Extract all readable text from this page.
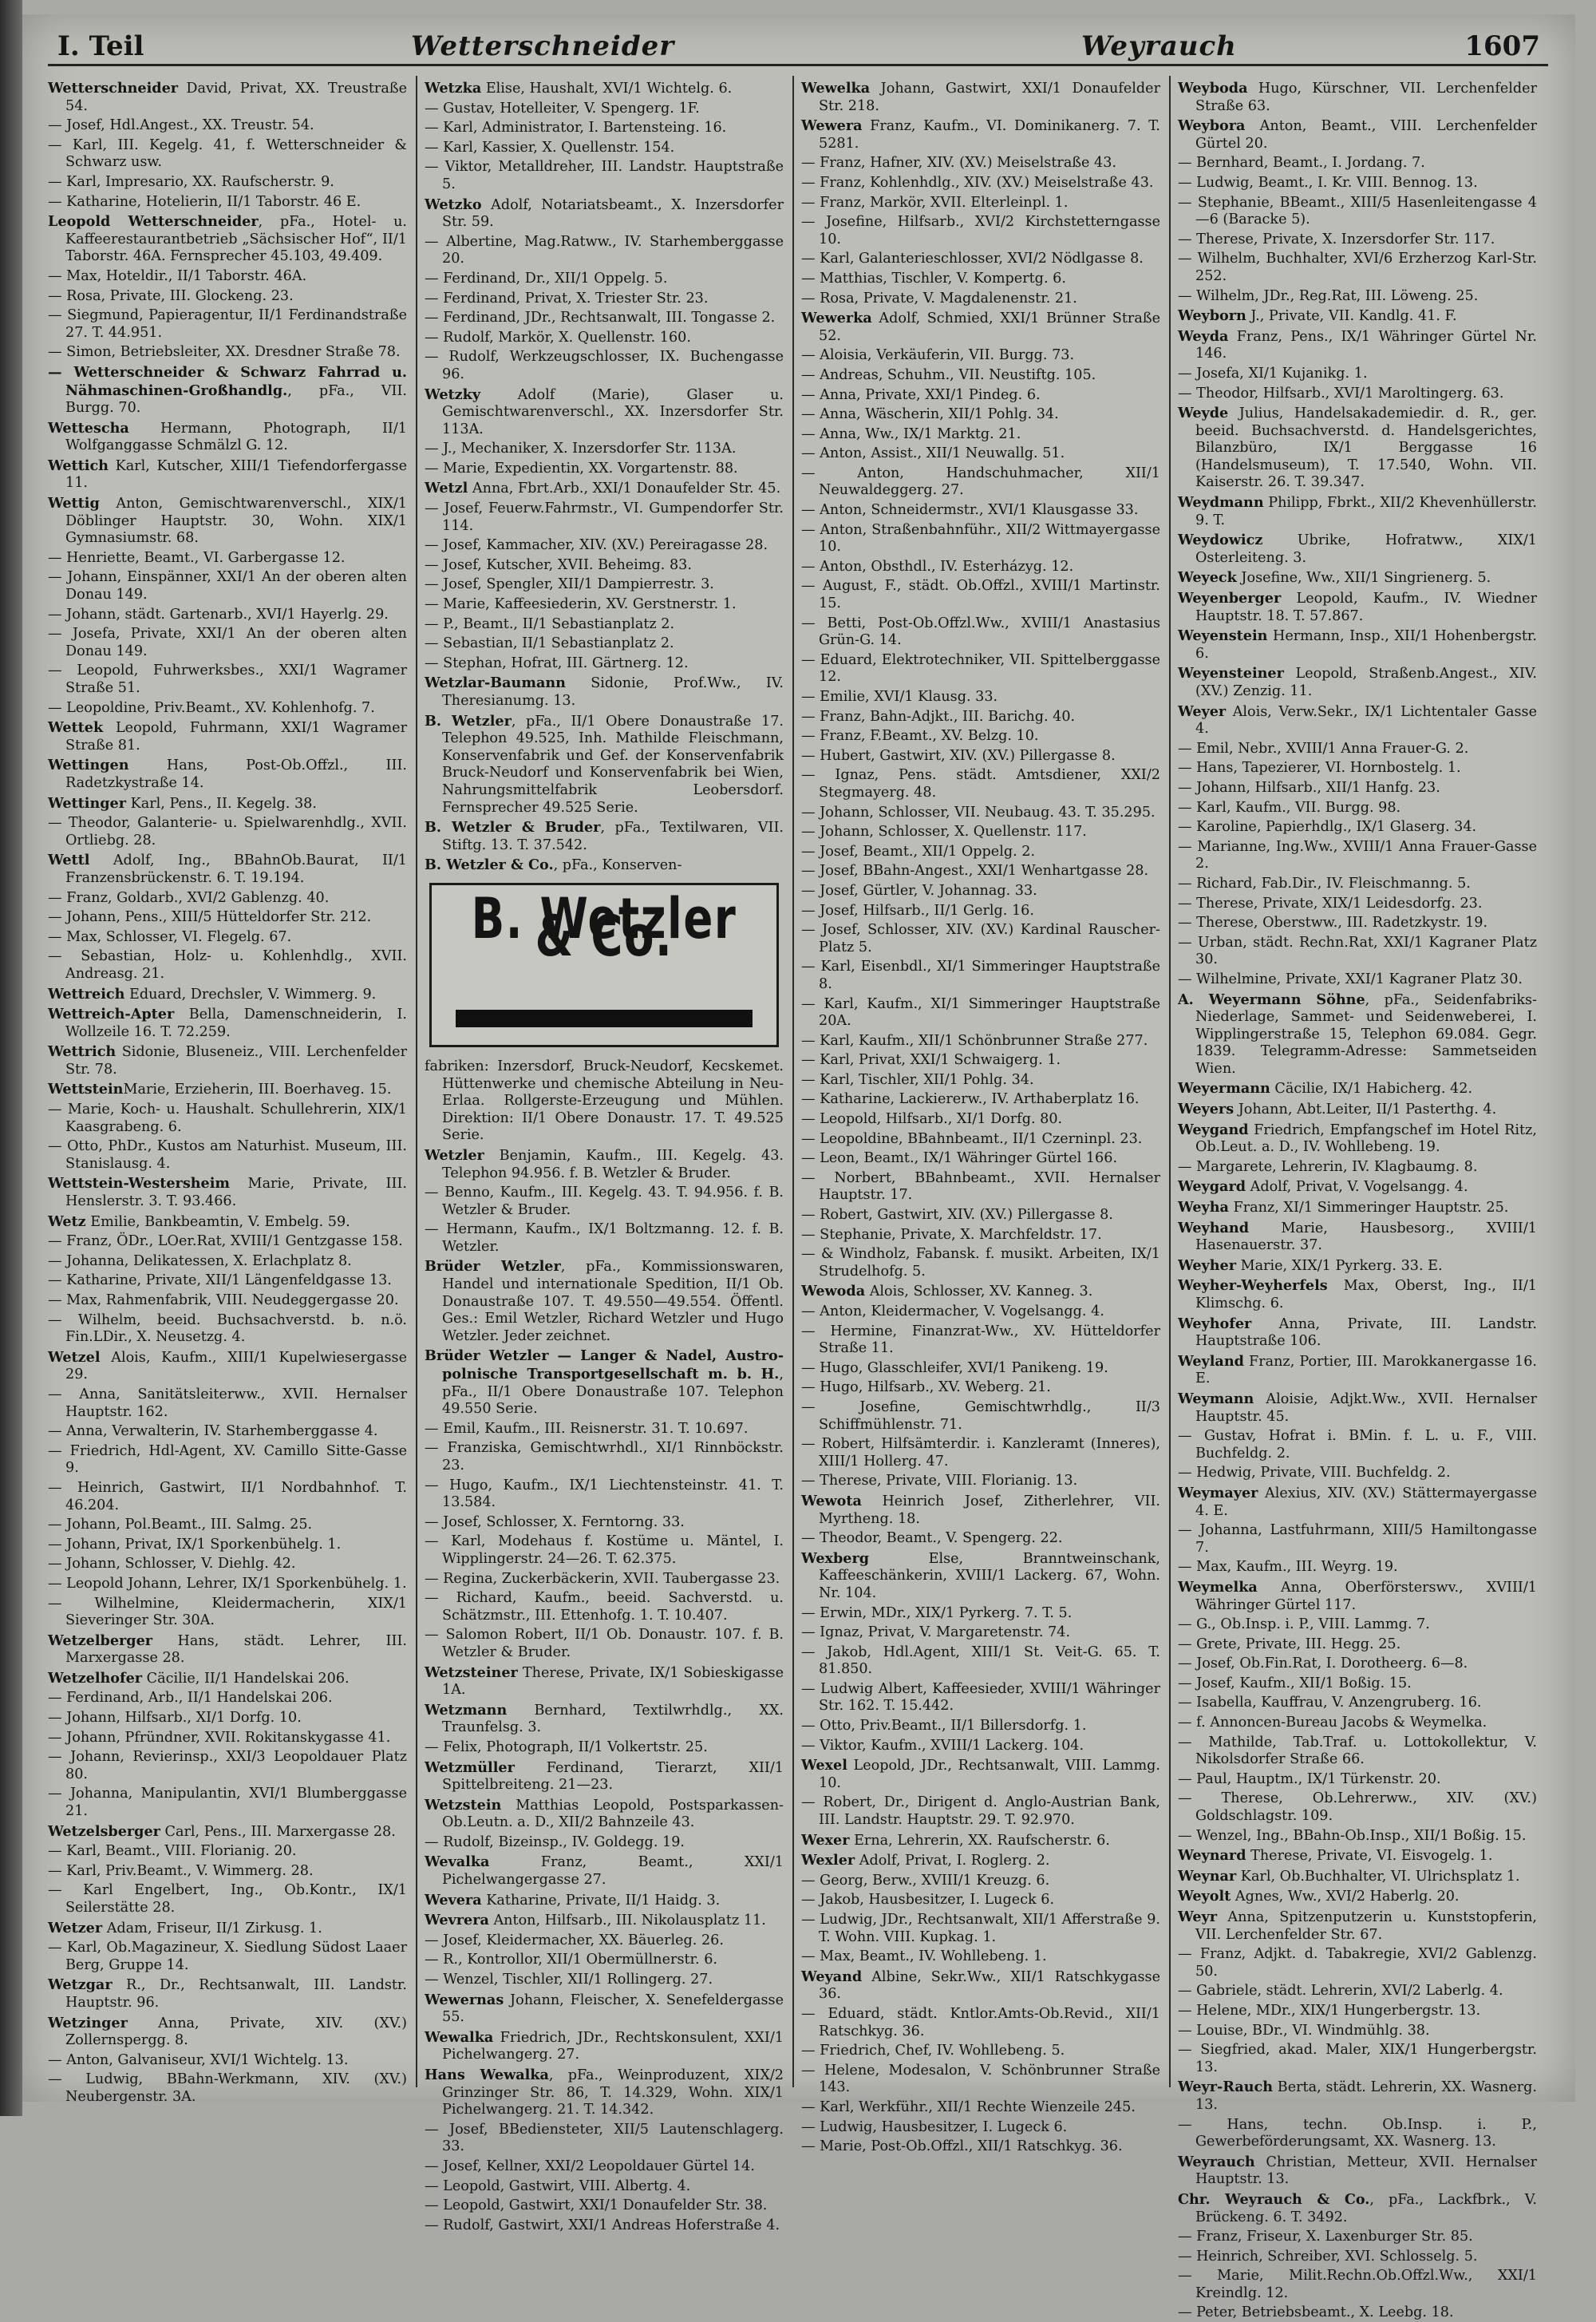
I. Teil	Wetterschneider	Weyrauch	1607
Wetterschneider David, Privat, XX. Treustraße 54.
— Josef, Hdl.Angest., XX. Treustr. 54.
— Karl, III. Kegelg. 41, f. Wetterschneider & Schwarz usw.
— Karl, Impresario, XX. Raufscherstr. 9.
— Katharine, Hotelierin, II/1 Taborstr. 46 E.
Leopold Wetterschneider, pFa., Hotel- u. Kaffeerestaurantbetrieb „Sächsischer Hof“, II/1 Taborstr. 46A. Fernsprecher 45.103, 49.409.
— Max, Hoteldir., II/1 Taborstr. 46A.
— Rosa, Private, III. Glockeng. 23.
— Siegmund, Papieragentur, II/1 Ferdinandstraße 27. T. 44.951.
— Simon, Betriebsleiter, XX. Dresdner Straße 78.
— Wetterschneider & Schwarz Fahrrad u. Nähmaschinen-Großhandlg., pFa., VII. Burgg. 70.
Wettescha Hermann, Photograph, II/1 Wolfganggasse Schmälzl G. 12.
Wettich Karl, Kutscher, XIII/1 Tiefendorfergasse 11.
Wettig Anton, Gemischtwarenverschl., XIX/1 Döblinger Hauptstr. 30, Wohn. XIX/1 Gymnasiumstr. 68.
— Henriette, Beamt., VI. Garbergasse 12.
— Johann, Einspänner, XXI/1 An der oberen alten Donau 149.
— Johann, städt. Gartenarb., XVI/1 Hayerlg. 29.
— Josefa, Private, XXI/1 An der oberen alten Donau 149.
— Leopold, Fuhrwerksbes., XXI/1 Wagramer Straße 51.
— Leopoldine, Priv.Beamt., XV. Kohlenhofg. 7.
Wettek Leopold, Fuhrmann, XXI/1 Wagramer Straße 81.
Wettingen Hans, Post-Ob.Offzl., III. Radetzkystraße 14.
Wettinger Karl, Pens., II. Kegelg. 38.
— Theodor, Galanterie- u. Spielwarenhdlg., XVII. Ortliebg. 28.
Wettl Adolf, Ing., BBahnOb.Baurat, II/1 Franzensbrückenstr. 6. T. 19.194.
— Franz, Goldarb., XVI/2 Gablenzg. 40.
— Johann, Pens., XIII/5 Hütteldorfer Str. 212.
— Max, Schlosser, VI. Flegelg. 67.
— Sebastian, Holz- u. Kohlenhdlg., XVII. Andreasg. 21.
Wettreich Eduard, Drechsler, V. Wimmerg. 9.
Wettreich-Apter Bella, Damenschneiderin, I. Wollzeile 16. T. 72.259.
Wettrich Sidonie, Bluseneiz., VIII. Lerchenfelder Str. 78.
WettsteinMarie, Erzieherin, III. Boerhaveg. 15.
— Marie, Koch- u. Haushalt. Schullehrerin, XIX/1 Kaasgrabeng. 6.
— Otto, PhDr., Kustos am Naturhist. Museum, III. Stanislausg. 4.
Wettstein-Westersheim Marie, Private, III. Henslerstr. 3. T. 93.466.
Wetz Emilie, Bankbeamtin, V. Embelg. 59.
— Franz, ÖDr., LOer.Rat, XVIII/1 Gentzgasse 158.
— Johanna, Delikatessen, X. Erlachplatz 8.
— Katharine, Private, XII/1 Längenfeldgasse 13.
— Max, Rahmenfabrik, VIII. Neudeggergasse 20.
— Wilhelm, beeid. Buchsachverstd. b. n.ö. Fin.LDir., X. Neusetzg. 4.
Wetzel Alois, Kaufm., XIII/1 Kupelwiesergasse 29.
— Anna, Sanitätsleiterww., XVII. Hernalser Hauptstr. 162.
— Anna, Verwalterin, IV. Starhemberggasse 4.
— Friedrich, Hdl-Agent, XV. Camillo Sitte-Gasse 9.
— Heinrich, Gastwirt, II/1 Nordbahnhof. T. 46.204.
— Johann, Pol.Beamt., III. Salmg. 25.
— Johann, Privat, IX/1 Sporkenbühelg. 1.
— Johann, Schlosser, V. Diehlg. 42.
— Leopold Johann, Lehrer, IX/1 Sporkenbühelg. 1.
— Wilhelmine, Kleidermacherin, XIX/1 Sieveringer Str. 30A.
Wetzelberger Hans, städt. Lehrer, III. Marxergasse 28.
Wetzelhofer Cäcilie, II/1 Handelskai 206.
— Ferdinand, Arb., II/1 Handelskai 206.
— Johann, Hilfsarb., XI/1 Dorfg. 10.
— Johann, Pfründner, XVII. Rokitanskygasse 41.
— Johann, Revierinsp., XXI/3 Leopoldauer Platz 80.
— Johanna, Manipulantin, XVI/1 Blumberggasse 21.
Wetzelsberger Carl, Pens., III. Marxergasse 28.
— Karl, Beamt., VIII. Florianig. 20.
— Karl, Priv.Beamt., V. Wimmerg. 28.
— Karl Engelbert, Ing., Ob.Kontr., IX/1 Seilerstätte 28.
Wetzer Adam, Friseur, II/1 Zirkusg. 1.
— Karl, Ob.Magazineur, X. Siedlung Südost Laaer Berg, Gruppe 14.
Wetzgar R., Dr., Rechtsanwalt, III. Landstr. Hauptstr. 96.
Wetzinger Anna, Private, XIV. (XV.) Zollernspergg. 8.
— Anton, Galvaniseur, XVI/1 Wichtelg. 13.
— Ludwig, BBahn-Werkmann, XIV. (XV.) Neubergenstr. 3A.
Wetzka Elise, Haushalt, XVI/1 Wichtelg. 6.
— Gustav, Hotelleiter, V. Spengerg. 1F.
— Karl, Administrator, I. Bartensteing. 16.
— Karl, Kassier, X. Quellenstr. 154.
— Viktor, Metalldreher, III. Landstr. Hauptstraße 5.
Wetzko Adolf, Notariatsbeamt., X. Inzersdorfer Str. 59.
— Albertine, Mag.Ratww., IV. Starhemberggasse 20.
— Ferdinand, Dr., XII/1 Oppelg. 5.
— Ferdinand, Privat, X. Triester Str. 23.
— Ferdinand, JDr., Rechtsanwalt, III. Tongasse 2.
— Rudolf, Markör, X. Quellenstr. 160.
— Rudolf, Werkzeugschlosser, IX. Buchengasse 96.
Wetzky Adolf (Marie), Glaser u. Gemischtwarenverschl., XX. Inzersdorfer Str. 113A.
— J., Mechaniker, X. Inzersdorfer Str. 113A.
— Marie, Expedientin, XX. Vorgartenstr. 88.
Wetzl Anna, Fbrt.Arb., XXI/1 Donaufelder Str. 45.
— Josef, Feuerw.Fahrmstr., VI. Gumpendorfer Str. 114.
— Josef, Kammacher, XIV. (XV.) Pereiragasse 28.
— Josef, Kutscher, XVII. Beheimg. 83.
— Josef, Spengler, XII/1 Dampierrestr. 3.
— Marie, Kaffeesiederin, XV. Gerstnerstr. 1.
— P., Beamt., II/1 Sebastianplatz 2.
— Sebastian, II/1 Sebastianplatz 2.
— Stephan, Hofrat, III. Gärtnerg. 12.
Wetzlar-Baumann Sidonie, Prof.Ww., IV. Theresianumg. 13.
B. Wetzler, pFa., II/1 Obere Donaustraße 17. Telephon 49.525, Inh. Mathilde Fleischmann, Konservenfabrik und Gef. der Konservenfabrik Bruck-Neudorf und Konservenfabrik bei Wien, Nahrungsmittelfabrik Leobersdorf. Fernsprecher 49.525 Serie.
B. Wetzler & Bruder, pFa., Textilwaren, VII. Stiftg. 13. T. 37.542.
B. Wetzler & Co., pFa., Konserven-
B. Wetzler & Co.
fabriken: Inzersdorf, Bruck-Neudorf, Kecskemet. Hüttenwerke und chemische Abteilung in Neu-Erlaa. Rollgerste-Erzeugung und Mühlen. Direktion: II/1 Obere Donaustr. 17. T. 49.525 Serie.
Wetzler Benjamin, Kaufm., III. Kegelg. 43. Telephon 94.956. f. B. Wetzler & Bruder.
— Benno, Kaufm., III. Kegelg. 43. T. 94.956. f. B. Wetzler & Bruder.
— Hermann, Kaufm., IX/1 Boltzmanng. 12. f. B. Wetzler.
Brüder Wetzler, pFa., Kommissionswaren, Handel und internationale Spedition, II/1 Ob. Donaustraße 107. T. 49.550—49.554. Öffentl. Ges.: Emil Wetzler, Richard Wetzler und Hugo Wetzler. Jeder zeichnet.
Brüder Wetzler — Langer & Nadel, Austro-polnische Transportgesellschaft m. b. H., pFa., II/1 Obere Donaustraße 107. Telephon 49.550 Serie.
— Emil, Kaufm., III. Reisnerstr. 31. T. 10.697.
— Franziska, Gemischtwrhdl., XI/1 Rinnböckstr. 23.
— Hugo, Kaufm., IX/1 Liechtensteinstr. 41. T. 13.584.
— Josef, Schlosser, X. Ferntorng. 33.
— Karl, Modehaus f. Kostüme u. Mäntel, I. Wipplingerstr. 24—26. T. 62.375.
— Regina, Zuckerbäckerin, XVII. Taubergasse 23.
— Richard, Kaufm., beeid. Sachverstd. u. Schätzmstr., III. Ettenhofg. 1. T. 10.407.
— Salomon Robert, II/1 Ob. Donaustr. 107. f. B. Wetzler & Bruder.
Wetzsteiner Therese, Private, IX/1 Sobieskigasse 1A.
Wetzmann Bernhard, Textilwrhdlg., XX. Traunfelsg. 3.
— Felix, Photograph, II/1 Volkertstr. 25.
Wetzmüller Ferdinand, Tierarzt, XII/1 Spittelbreiteng. 21—23.
Wetzstein Matthias Leopold, Postsparkassen-Ob.Leutn. a. D., XII/2 Bahnzeile 43.
— Rudolf, Bizeinsp., IV. Goldegg. 19.
Wevalka Franz, Beamt., XXI/1 Pichelwangergasse 27.
Wevera Katharine, Private, II/1 Haidg. 3.
Wevrera Anton, Hilfsarb., III. Nikolausplatz 11.
— Josef, Kleidermacher, XX. Bäuerleg. 26.
— R., Kontrollor, XII/1 Obermüllnerstr. 6.
— Wenzel, Tischler, XII/1 Rollingerg. 27.
Wewernas Johann, Fleischer, X. Senefeldergasse 55.
Wewalka Friedrich, JDr., Rechtskonsulent, XXI/1 Pichelwangerg. 27.
Hans Wewalka, pFa., Weinproduzent, XIX/2 Grinzinger Str. 86, T. 14.329, Wohn. XIX/1 Pichelwangerg. 21. T. 14.342.
— Josef, BBediensteter, XII/5 Lautenschlagerg. 33.
— Josef, Kellner, XXI/2 Leopoldauer Gürtel 14.
— Leopold, Gastwirt, VIII. Albertg. 4.
— Leopold, Gastwirt, XXI/1 Donaufelder Str. 38.
— Rudolf, Gastwirt, XXI/1 Andreas Hoferstraße 4.
Wewelka Johann, Gastwirt, XXI/1 Donaufelder Str. 218.
Wewera Franz, Kaufm., VI. Dominikanerg. 7. T. 5281.
— Franz, Hafner, XIV. (XV.) Meiselstraße 43.
— Franz, Kohlenhdlg., XIV. (XV.) Meiselstraße 43.
— Franz, Markör, XVII. Elterleinpl. 1.
— Josefine, Hilfsarb., XVI/2 Kirchstetterngasse 10.
— Karl, Galanterieschlosser, XVI/2 Nödlgasse 8.
— Matthias, Tischler, V. Kompertg. 6.
— Rosa, Private, V. Magdalenenstr. 21.
Wewerka Adolf, Schmied, XXI/1 Brünner Straße 52.
— Aloisia, Verkäuferin, VII. Burgg. 73.
— Andreas, Schuhm., VII. Neustiftg. 105.
— Anna, Private, XXI/1 Pindeg. 6.
— Anna, Wäscherin, XII/1 Pohlg. 34.
— Anna, Ww., IX/1 Marktg. 21.
— Anton, Assist., XII/1 Neuwallg. 51.
— Anton, Handschuhmacher, XII/1 Neuwaldeggerg. 27.
— Anton, Schneidermstr., XVI/1 Klausgasse 33.
— Anton, Straßenbahnführ., XII/2 Wittmayergasse 10.
— Anton, Obsthdl., IV. Esterházyg. 12.
— August, F., städt. Ob.Offzl., XVIII/1 Martinstr. 15.
— Betti, Post-Ob.Offzl.Ww., XVIII/1 Anastasius Grün-G. 14.
— Eduard, Elektrotechniker, VII. Spittelberggasse 12.
— Emilie, XVI/1 Klausg. 33.
— Franz, Bahn-Adjkt., III. Barichg. 40.
— Franz, F.Beamt., XV. Belzg. 10.
— Hubert, Gastwirt, XIV. (XV.) Pillergasse 8.
— Ignaz, Pens. städt. Amtsdiener, XXI/2 Stegmayerg. 48.
— Johann, Schlosser, VII. Neubaug. 43. T. 35.295.
— Johann, Schlosser, X. Quellenstr. 117.
— Josef, Beamt., XII/1 Oppelg. 2.
— Josef, BBahn-Angest., XXI/1 Wenhartgasse 28.
— Josef, Gürtler, V. Johannag. 33.
— Josef, Hilfsarb., II/1 Gerlg. 16.
— Josef, Schlosser, XIV. (XV.) Kardinal Rauscher-Platz 5.
— Karl, Eisenbdl., XI/1 Simmeringer Hauptstraße 8.
— Karl, Kaufm., XI/1 Simmeringer Hauptstraße 20A.
— Karl, Kaufm., XII/1 Schönbrunner Straße 277.
— Karl, Privat, XXI/1 Schwaigerg. 1.
— Karl, Tischler, XII/1 Pohlg. 34.
— Katharine, Lackiererw., IV. Arthaberplatz 16.
— Leopold, Hilfsarb., XI/1 Dorfg. 80.
— Leopoldine, BBahnbeamt., II/1 Czerninpl. 23.
— Leon, Beamt., IX/1 Währinger Gürtel 166.
— Norbert, BBahnbeamt., XVII. Hernalser Hauptstr. 17.
— Robert, Gastwirt, XIV. (XV.) Pillergasse 8.
— Stephanie, Private, X. Marchfeldstr. 17.
— & Windholz, Fabansk. f. musikt. Arbeiten, IX/1 Strudelhofg. 5.
Wewoda Alois, Schlosser, XV. Kanneg. 3.
— Anton, Kleidermacher, V. Vogelsangg. 4.
— Hermine, Finanzrat-Ww., XV. Hütteldorfer Straße 11.
— Hugo, Glasschleifer, XVI/1 Panikeng. 19.
— Hugo, Hilfsarb., XV. Weberg. 21.
— Josefine, Gemischtwrhdlg., II/3 Schiffmühlenstr. 71.
— Robert, Hilfsämterdir. i. Kanzleramt (Inneres), XIII/1 Hollerg. 47.
— Therese, Private, VIII. Florianig. 13.
Wewota Heinrich Josef, Zitherlehrer, VII. Myrtheng. 18.
— Theodor, Beamt., V. Spengerg. 22.
Wexberg Else, Branntweinschank, Kaffeeschänkerin, XVIII/1 Lackerg. 67, Wohn. Nr. 104.
— Erwin, MDr., XIX/1 Pyrkerg. 7. T. 5.
— Ignaz, Privat, V. Margaretenstr. 74.
— Jakob, Hdl.Agent, XIII/1 St. Veit-G. 65. T. 81.850.
— Ludwig Albert, Kaffeesieder, XVIII/1 Währinger Str. 162. T. 15.442.
— Otto, Priv.Beamt., II/1 Billersdorfg. 1.
— Viktor, Kaufm., XVIII/1 Lackerg. 104.
Wexel Leopold, JDr., Rechtsanwalt, VIII. Lammg. 10.
— Robert, Dr., Dirigent d. Anglo-Austrian Bank, III. Landstr. Hauptstr. 29. T. 92.970.
Wexer Erna, Lehrerin, XX. Raufscherstr. 6.
Wexler Adolf, Privat, I. Roglerg. 2.
— Georg, Berw., XVIII/1 Kreuzg. 6.
— Jakob, Hausbesitzer, I. Lugeck 6.
— Ludwig, JDr., Rechtsanwalt, XII/1 Afferstraße 9. T. Wohn. VIII. Kupkag. 1.
— Max, Beamt., IV. Wohllebeng. 1.
Weyand Albine, Sekr.Ww., XII/1 Ratschkygasse 36.
— Eduard, städt. Kntlor.Amts-Ob.Revid., XII/1 Ratschkyg. 36.
— Friedrich, Chef, IV. Wohllebeng. 5.
— Helene, Modesalon, V. Schönbrunner Straße 143.
— Karl, Werkführ., XII/1 Rechte Wienzeile 245.
— Ludwig, Hausbesitzer, I. Lugeck 6.
— Marie, Post-Ob.Offzl., XII/1 Ratschkyg. 36.
Weyboda Hugo, Kürschner, VII. Lerchenfelder Straße 63.
Weybora Anton, Beamt., VIII. Lerchenfelder Gürtel 20.
— Bernhard, Beamt., I. Jordang. 7.
— Ludwig, Beamt., I. Kr. VIII. Bennog. 13.
— Stephanie, BBeamt., XIII/5 Hasenleitengasse 4—6 (Baracke 5).
— Therese, Private, X. Inzersdorfer Str. 117.
— Wilhelm, Buchhalter, XVI/6 Erzherzog Karl-Str. 252.
— Wilhelm, JDr., Reg.Rat, III. Löweng. 25.
Weyborn J., Private, VII. Kandlg. 41. F.
Weyda Franz, Pens., IX/1 Währinger Gürtel Nr. 146.
— Josefa, XI/1 Kujanikg. 1.
— Theodor, Hilfsarb., XVI/1 Maroltingerg. 63.
Weyde Julius, Handelsakademiedir. d. R., ger. beeid. Buchsachverstd. d. Handelsgerichtes, Bilanzbüro, IX/1 Berggasse 16 (Handelsmuseum), T. 17.540, Wohn. VII. Kaiserstr. 26. T. 39.347.
Weydmann Philipp, Fbrkt., XII/2 Khevenhüllerstr. 9. T.
Weydowicz Ubrike, Hofratww., XIX/1 Osterleiteng. 3.
Weyeck Josefine, Ww., XII/1 Singrienerg. 5.
Weyenberger Leopold, Kaufm., IV. Wiedner Hauptstr. 18. T. 57.867.
Weyenstein Hermann, Insp., XII/1 Hohenbergstr. 6.
Weyensteiner Leopold, Straßenb.Angest., XIV. (XV.) Zenzig. 11.
Weyer Alois, Verw.Sekr., IX/1 Lichtentaler Gasse 4.
— Emil, Nebr., XVIII/1 Anna Frauer-G. 2.
— Hans, Tapezierer, VI. Hornbostelg. 1.
— Johann, Hilfsarb., XII/1 Hanfg. 23.
— Karl, Kaufm., VII. Burgg. 98.
— Karoline, Papierhdlg., IX/1 Glaserg. 34.
— Marianne, Ing.Ww., XVIII/1 Anna Frauer-Gasse 2.
— Richard, Fab.Dir., IV. Fleischmanng. 5.
— Therese, Private, XIX/1 Leidesdorfg. 23.
— Therese, Oberstww., III. Radetzkystr. 19.
— Urban, städt. Rechn.Rat, XXI/1 Kagraner Platz 30.
— Wilhelmine, Private, XXI/1 Kagraner Platz 30.
A. Weyermann Söhne, pFa., Seidenfabriks-Niederlage, Sammet- und Seidenweberei, I. Wipplingerstraße 15, Telephon 69.084. Gegr. 1839. Telegramm-Adresse: Sammetseiden Wien.
Weyermann Cäcilie, IX/1 Habicherg. 42.
Weyers Johann, Abt.Leiter, II/1 Pasterthg. 4.
Weygand Friedrich, Empfangschef im Hotel Ritz, Ob.Leut. a. D., IV. Wohllebeng. 19.
— Margarete, Lehrerin, IV. Klagbaumg. 8.
Weygard Adolf, Privat, V. Vogelsangg. 4.
Weyha Franz, XI/1 Simmeringer Hauptstr. 25.
Weyhand Marie, Hausbesorg., XVIII/1 Hasenauerstr. 37.
Weyher Marie, XIX/1 Pyrkerg. 33. E.
Weyher-Weyherfels Max, Oberst, Ing., II/1 Klimschg. 6.
Weyhofer Anna, Private, III. Landstr. Hauptstraße 106.
Weyland Franz, Portier, III. Marokkanergasse 16. E.
Weymann Aloisie, Adjkt.Ww., XVII. Hernalser Hauptstr. 45.
— Gustav, Hofrat i. BMin. f. L. u. F., VIII. Buchfeldg. 2.
— Hedwig, Private, VIII. Buchfeldg. 2.
Weymayer Alexius, XIV. (XV.) Stättermayergasse 4. E.
— Johanna, Lastfuhrmann, XIII/5 Hamiltongasse 7.
— Max, Kaufm., III. Weyrg. 19.
Weymelka Anna, Oberförsterswv., XVIII/1 Währinger Gürtel 117.
— G., Ob.Insp. i. P., VIII. Lammg. 7.
— Grete, Private, III. Hegg. 25.
— Josef, Ob.Fin.Rat, I. Dorotheerg. 6—8.
— Josef, Kaufm., XII/1 Boßig. 15.
— Isabella, Kauffrau, V. Anzengruberg. 16.
— f. Annoncen-Bureau Jacobs & Weymelka.
— Mathilde, Tab.Traf. u. Lottokollektur, V. Nikolsdorfer Straße 66.
— Paul, Hauptm., IX/1 Türkenstr. 20.
— Therese, Ob.Lehrerww., XIV. (XV.) Goldschlagstr. 109.
— Wenzel, Ing., BBahn-Ob.Insp., XII/1 Boßig. 15.
Weynard Therese, Private, VI. Eisvogelg. 1.
Weynar Karl, Ob.Buchhalter, VI. Ulrichsplatz 1.
Weyolt Agnes, Ww., XVI/2 Haberlg. 20.
Weyr Anna, Spitzenputzerin u. Kunststopferin, VII. Lerchenfelder Str. 67.
— Franz, Adjkt. d. Tabakregie, XVI/2 Gablenzg. 50.
— Gabriele, städt. Lehrerin, XVI/2 Laberlg. 4.
— Helene, MDr., XIX/1 Hungerbergstr. 13.
— Louise, BDr., VI. Windmühlg. 38.
— Siegfried, akad. Maler, XIX/1 Hungerbergstr. 13.
Weyr-Rauch Berta, städt. Lehrerin, XX. Wasnerg. 13.
— Hans, techn. Ob.Insp. i. P., Gewerbeförderungsamt, XX. Wasnerg. 13.
Weyrauch Christian, Metteur, XVII. Hernalser Hauptstr. 13.
Chr. Weyrauch & Co., pFa., Lackfbrk., V. Brückeng. 6. T. 3492.
— Franz, Friseur, X. Laxenburger Str. 85.
— Heinrich, Schreiber, XVI. Schlosselg. 5.
— Marie, Milit.Rechn.Ob.Offzl.Ww., XXI/1 Kreindlg. 12.
— Peter, Betriebsbeamt., X. Leebg. 18.
